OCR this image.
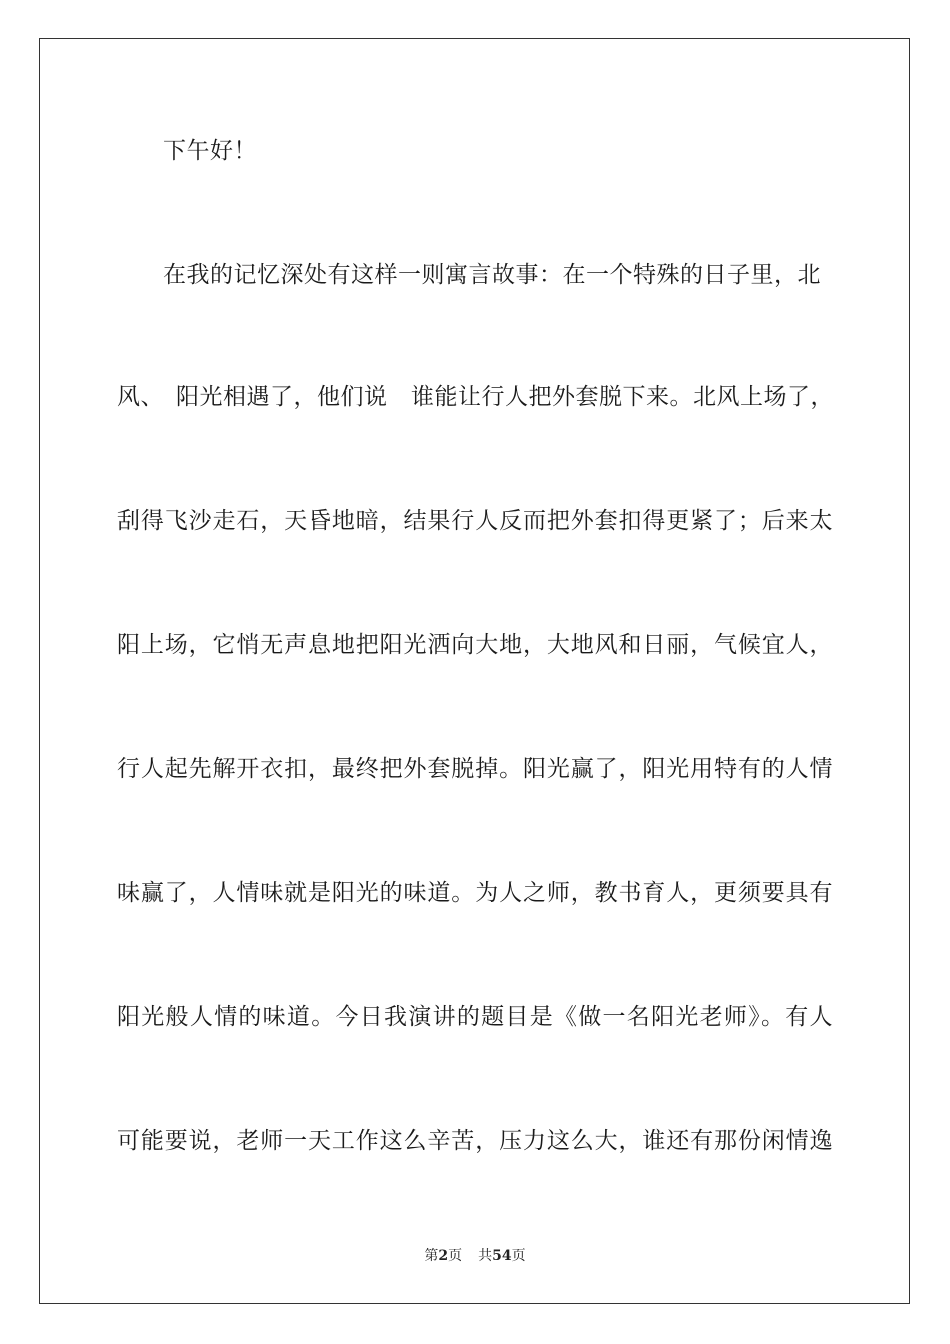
下午好！
在我的记忆深处有这样一则寓言故事：在一个特殊的日子里，北
风、　阳光相遇了，他们说　谁能让行人把外套脱下来。北风上场了，
刮得飞沙走石，天昏地暗，结果行人反而把外套扣得更紧了；后来太
阳上场，它悄无声息地把阳光洒向大地，大地风和日丽，气候宜人，
行人起先解开衣扣，最终把外套脱掉。阳光赢了，阳光用特有的人情
味赢了，人情味就是阳光的味道。为人之师，教书育人，更须要具有
阳光般人情的味道。今日我演讲的题目是《做一名阳光老师》。有人
可能要说，老师一天工作这么辛苦，压力这么大，谁还有那份闲情逸
第2页 共54页
